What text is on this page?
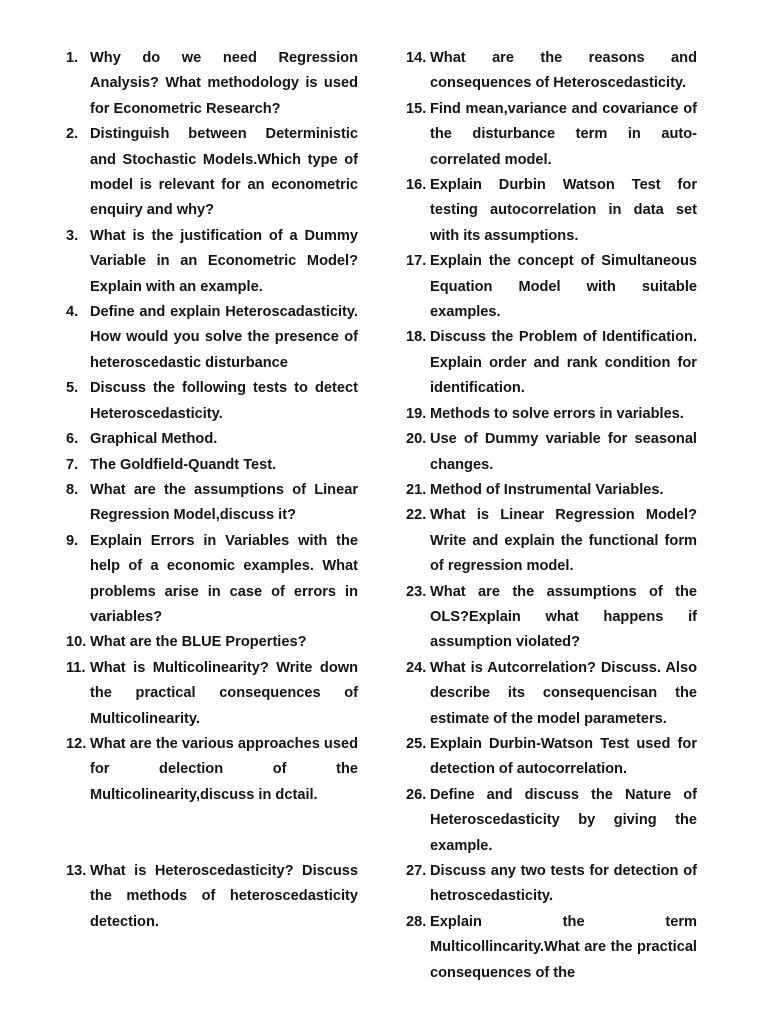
1. Why do we need Regression Analysis? What methodology is used for Econometric Research?
2. Distinguish between Deterministic and Stochastic Models.Which type of model is relevant for an econometric enquiry and why?
3. What is the justification of a Dummy Variable in an Econometric Model? Explain with an example.
4. Define and explain Heteroscadasticity. How would you solve the presence of heteroscedastic disturbance
5. Discuss the following tests to detect Heteroscedasticity.
6. Graphical Method.
7. The Goldfield-Quandt Test.
8. What are the assumptions of Linear Regression Model,discuss it?
9. Explain Errors in Variables with the help of a economic examples. What problems arise in case of errors in variables?
10. What are the BLUE Properties?
11. What is Multicolinearity? Write down the practical consequences of Multicolinearity.
12. What are the various approaches used for delection of the Multicolinearity,discuss in dctail.
13. What is Heteroscedasticity? Discuss the methods of heteroscedasticity detection.
14. What are the reasons and consequences of Heteroscedasticity.
15. Find mean,variance and covariance of the disturbance term in auto-correlated model.
16. Explain Durbin Watson Test for testing autocorrelation in data set with its assumptions.
17. Explain the concept of Simultaneous Equation Model with suitable examples.
18. Discuss the Problem of Identification. Explain order and rank condition for identification.
19. Methods to solve errors in variables.
20. Use of Dummy variable for seasonal changes.
21. Method of Instrumental Variables.
22. What is Linear Regression Model? Write and explain the functional form of regression model.
23. What are the assumptions of the OLS?Explain what happens if assumption violated?
24. What is Autcorrelation? Discuss. Also describe its consequencisan the estimate of the model parameters.
25. Explain Durbin-Watson Test used for detection of autocorrelation.
26. Define and discuss the Nature of Heteroscedasticity by giving the example.
27. Discuss any two tests for detection of hetroscedasticity.
28. Explain the term Multicollincarity.What are the practical consequences of the
